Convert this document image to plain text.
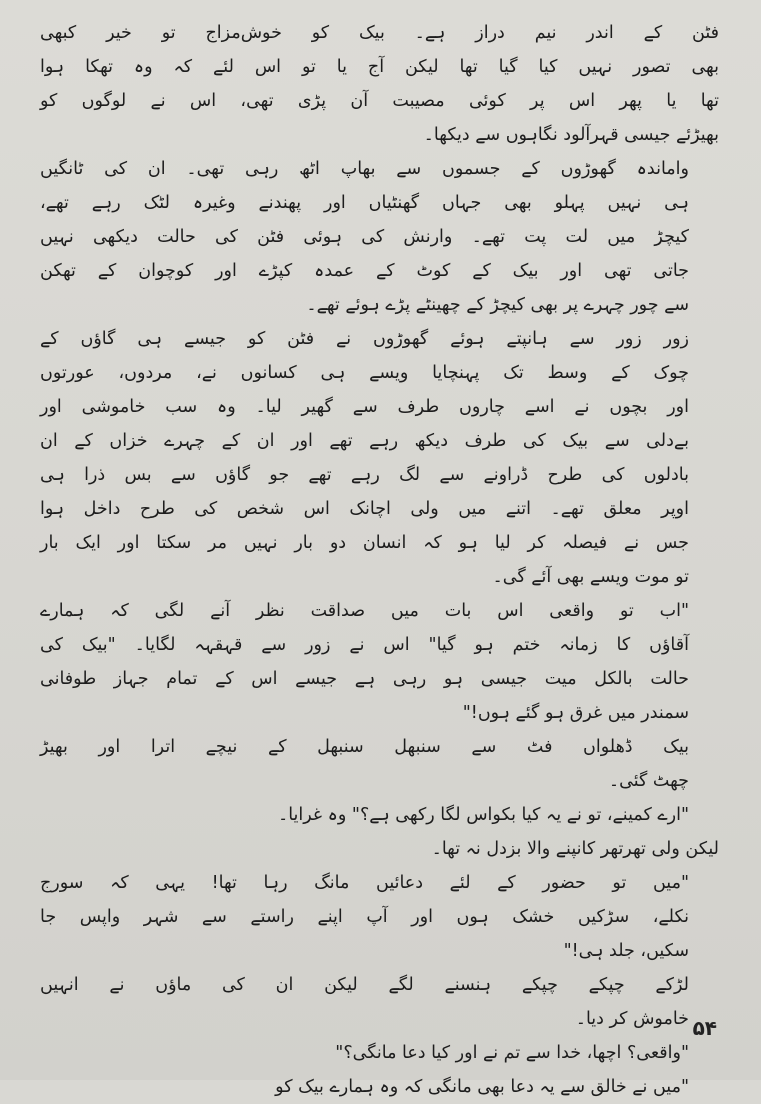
فٹن کے اندر نیم دراز ہے۔ بیک کو خوش‌مزاج تو خیر کبھی
بھی تصور نہیں کیا گیا تھا لیکن آج یا تو اس لئے کہ وہ تھکا ہوا
تھا یا پھر اس پر کوئی مصیبت آن پڑی تھی، اس نے لوگوں کو
بھیڑئے جیسی قہرآلود نگاہوں سے دیکھا۔

واماندہ گھوڑوں کے جسموں سے بھاپ اٹھ رہی تھی۔ ان کی ٹانگیں
ہی نہیں پہلو بھی جہاں گھنٹیاں اور پھندنے وغیرہ لٹک رہے تھے،
کیچڑ میں لت پت تھے۔ وارنش کی ہوئی فٹن کی حالت دیکھی نہیں
جاتی تھی اور بیک کے کوٹ کے عمدہ کپڑے اور کوچوان کے تھکن
سے چور چہرے پر بھی کیچڑ کے چھینٹے پڑے ہوئے تھے۔

زور زور سے ہانپتے ہوئے گھوڑوں نے فٹن کو جیسے ہی گاؤں کے
چوک کے وسط تک پہنچایا ویسے ہی کسانوں نے، مردوں، عورتوں
اور بچوں نے اسے چاروں طرف سے گھیر لیا۔ وہ سب خاموشی اور
بےدلی سے بیک کی طرف دیکھ رہے تھے اور ان کے چہرے خزاں کے ان
بادلوں کی طرح ڈراونے سے لگ رہے تھے جو گاؤں سے بس ذرا ہی
اوپر معلق تھے۔ اتنے میں ولی اچانک اس شخص کی طرح داخل ہوا
جس نے فیصلہ کر لیا ہو کہ انسان دو بار نہیں مر سکتا اور ایک بار
تو موت ویسے بھی آئے گی۔

"اب تو واقعی اس بات میں صداقت نظر آنے لگی کہ ہمارے
آقاؤں کا زمانہ ختم ہو گیا" اس نے زور سے قہقہہ لگایا۔ "بیک کی
حالت بالکل میت جیسی ہو رہی ہے جیسے اس کے تمام جہاز طوفانی
سمندر میں غرق ہو گئے ہوں!"

بیک ڈھلواں فٹ سے سنبھل سنبھل کے نیچے اترا اور بھیڑ
چھٹ گئی۔

"ارے کمینے، تو نے یہ کیا بکواس لگا رکھی ہے؟" وہ غرایا۔

لیکن ولی تھرتھر کانپنے والا بزدل نہ تھا۔

"میں تو حضور کے لئے دعائیں مانگ رہا تھا! یہی کہ سورج
نکلے، سڑکیں خشک ہوں اور آپ اپنے راستے سے شہر واپس جا
سکیں، جلد ہی!"

لڑکے چپکے چپکے ہنسنے لگے لیکن ان کی ماؤں نے انہیں
خاموش کر دیا۔

"واقعی؟ اچھا، خدا سے تم نے اور کیا دعا مانگی؟"

"میں نے خالق سے یہ دعا بھی مانگی کہ وہ ہمارے بیک کو

۵۴
